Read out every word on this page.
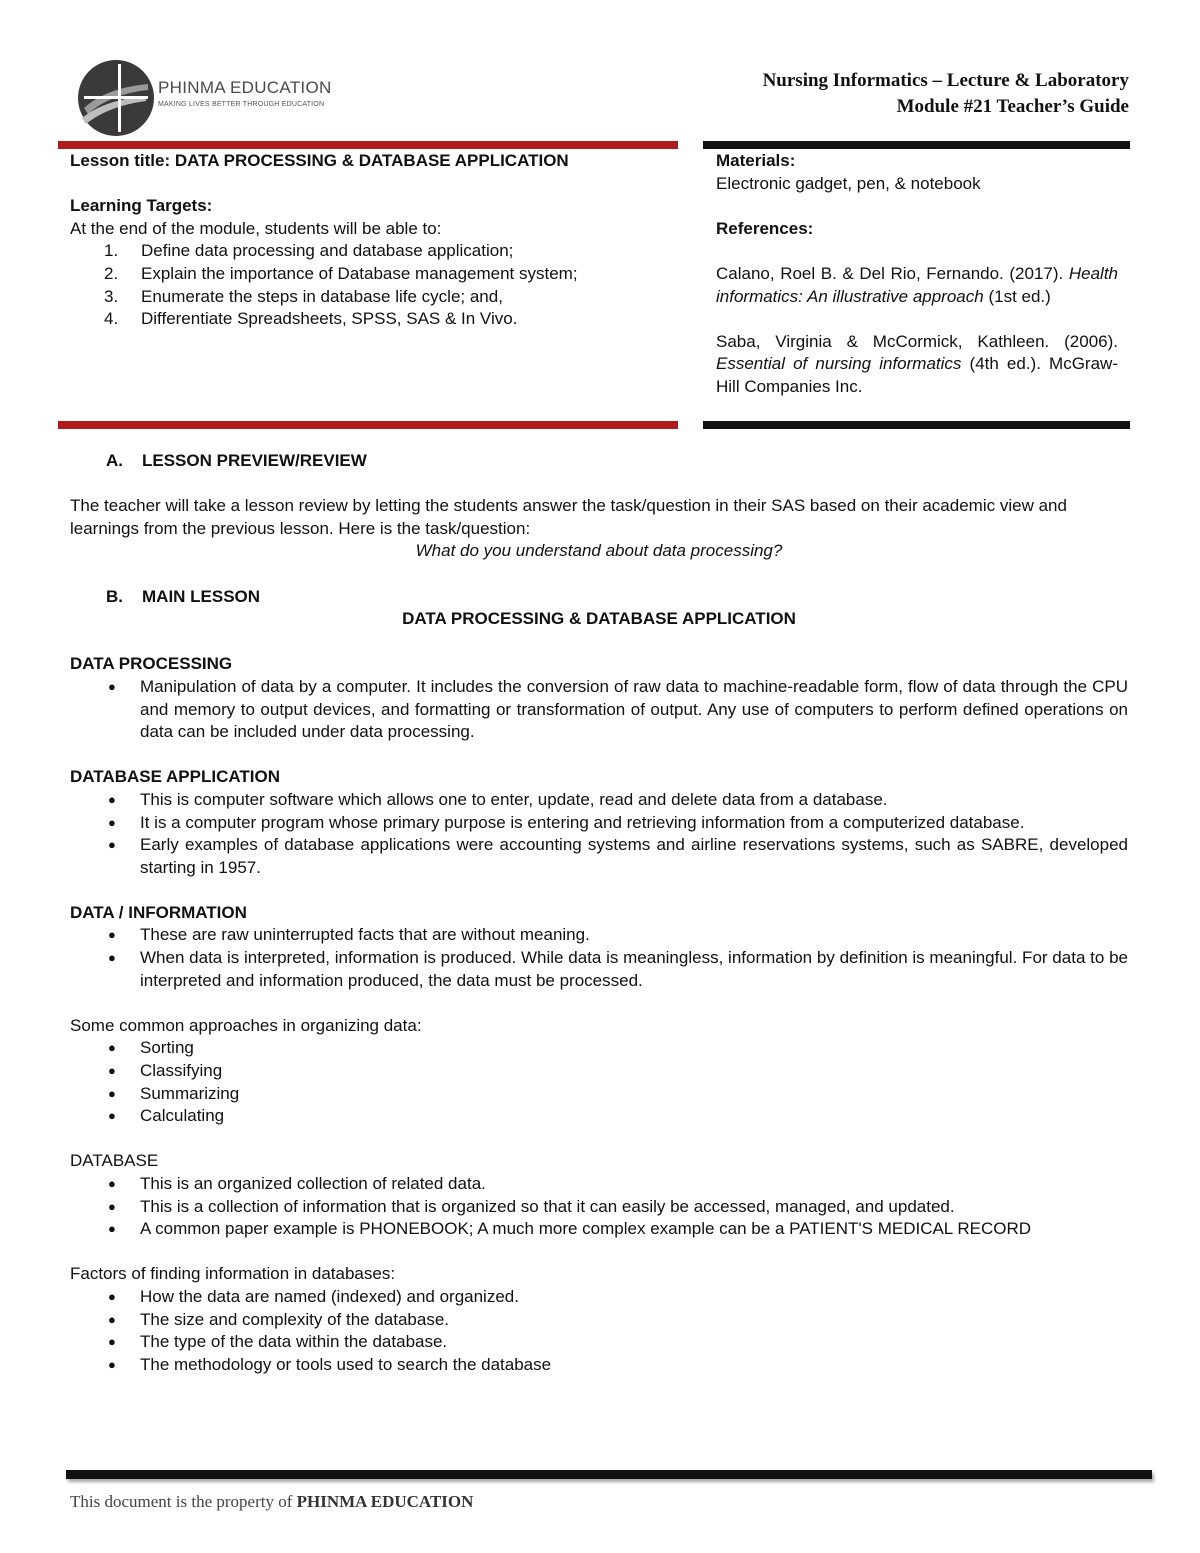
PHINMA EDUCATION
MAKING LIVES BETTER THROUGH EDUCATION
Nursing Informatics – Lecture & Laboratory
Module #21 Teacher’s Guide
Lesson title: DATA PROCESSING & DATABASE APPLICATION
Learning Targets:
At the end of the module, students will be able to:
1. Define data processing and database application;
2. Explain the importance of Database management system;
3. Enumerate the steps in database life cycle; and,
4. Differentiate Spreadsheets, SPSS, SAS & In Vivo.
Materials:
Electronic gadget, pen, & notebook
References:
Calano, Roel B. & Del Rio, Fernando. (2017). Health informatics: An illustrative approach (1st ed.)
Saba, Virginia & McCormick, Kathleen. (2006). Essential of nursing informatics (4th ed.). McGraw-Hill Companies Inc.
A. LESSON PREVIEW/REVIEW
The teacher will take a lesson review by letting the students answer the task/question in their SAS based on their academic view and learnings from the previous lesson. Here is the task/question:
What do you understand about data processing?
B. MAIN LESSON
DATA PROCESSING & DATABASE APPLICATION
DATA PROCESSING
● Manipulation of data by a computer. It includes the conversion of raw data to machine-readable form, flow of data through the CPU and memory to output devices, and formatting or transformation of output. Any use of computers to perform defined operations on data can be included under data processing.
DATABASE APPLICATION
● This is computer software which allows one to enter, update, read and delete data from a database.
● It is a computer program whose primary purpose is entering and retrieving information from a computerized database.
● Early examples of database applications were accounting systems and airline reservations systems, such as SABRE, developed starting in 1957.
DATA / INFORMATION
● These are raw uninterrupted facts that are without meaning.
● When data is interpreted, information is produced. While data is meaningless, information by definition is meaningful. For data to be interpreted and information produced, the data must be processed.
Some common approaches in organizing data:
● Sorting
● Classifying
● Summarizing
● Calculating
DATABASE
● This is an organized collection of related data.
● This is a collection of information that is organized so that it can easily be accessed, managed, and updated.
● A common paper example is PHONEBOOK; A much more complex example can be a PATIENT'S MEDICAL RECORD
Factors of finding information in databases:
● How the data are named (indexed) and organized.
● The size and complexity of the database.
● The type of the data within the database.
● The methodology or tools used to search the database
This document is the property of PHINMA EDUCATION
